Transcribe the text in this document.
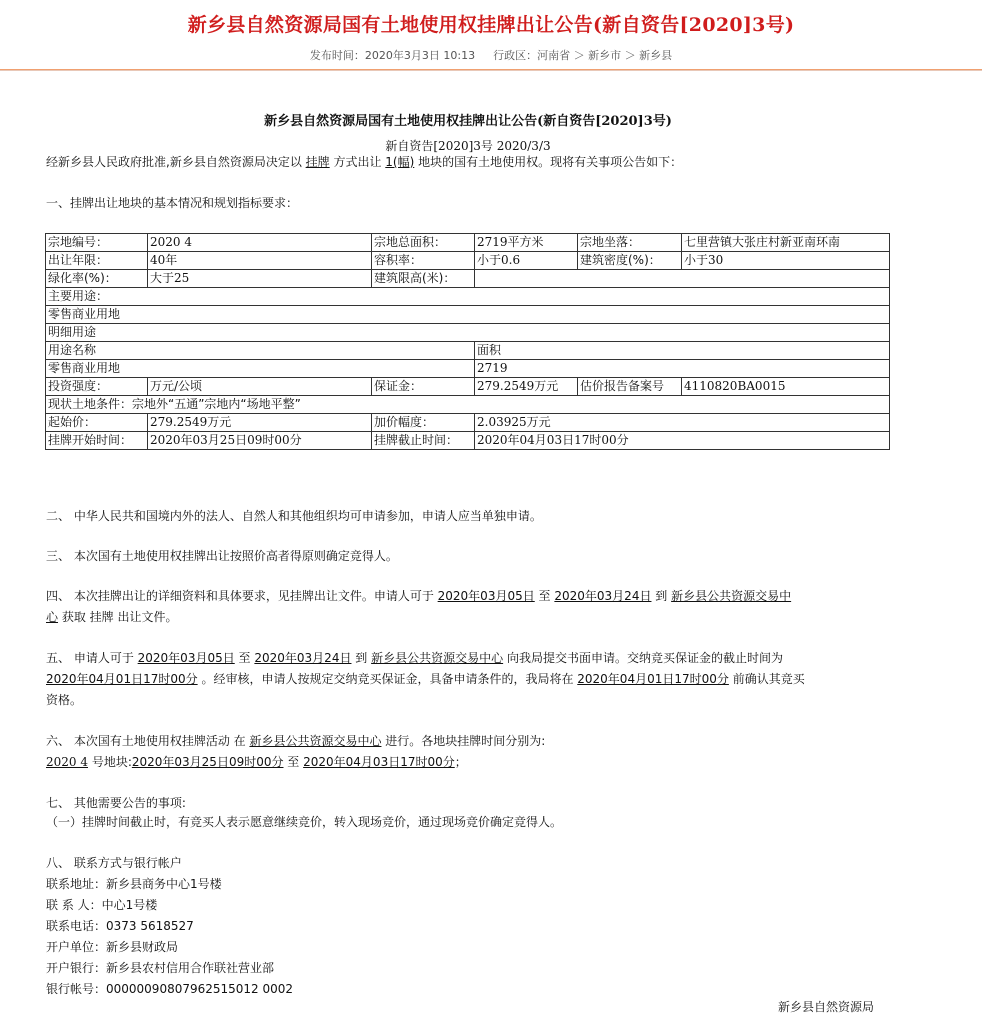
新乡县自然资源局国有土地使用权挂牌出让公告(新自资告[2020]3号)
发布时间：2020年3月3日 10:13 行政区：河南省 ＞ 新乡市 ＞ 新乡县
新乡县自然资源局国有土地使用权挂牌出让公告(新自资告[2020]3号)
新自资告[2020]3号 2020/3/3
经新乡县人民政府批准,新乡县自然资源局决定以 挂牌 方式出让 1(幅) 地块的国有土地使用权。现将有关事项公告如下：
一、挂牌出让地块的基本情况和规划指标要求：
宗地编号：	2020 4	宗地总面积：	2719平方米	宗地坐落：	七里营镇大张庄村新亚南环南
出让年限：	40年	容积率：	小于0.6	建筑密度(%)：	小于30
绿化率(%)：	大于25	建筑限高(米)：			
主要用途：					
零售商业用地					
明细用途					
用途名称			面积		
零售商业用地			2719		
投资强度：	万元/公顷	保证金：	279.2549万元	估价报告备案号	4110820BA0015
现状土地条件：宗地外“五通”宗地内“场地平整”					
起始价：	279.2549万元	加价幅度：	2.03925万元		
挂牌开始时间：	2020年03月25日09时00分	挂牌截止时间：	2020年04月03日17时00分		
二、 中华人民共和国境内外的法人、自然人和其他组织均可申请参加，申请人应当单独申请。
三、 本次国有土地使用权挂牌出让按照价高者得原则确定竞得人。
四、 本次挂牌出让的详细资料和具体要求，见挂牌出让文件。申请人可于 2020年03月05日 至 2020年03月24日 到 新乡县公共资源交易中
心 获取 挂牌 出让文件。
五、 申请人可于 2020年03月05日 至 2020年03月24日 到 新乡县公共资源交易中心 向我局提交书面申请。交纳竞买保证金的截止时间为
2020年04月01日17时00分 。经审核，申请人按规定交纳竞买保证金，具备申请条件的，我局将在 2020年04月01日17时00分 前确认其竞买
资格。
六、 本次国有土地使用权挂牌活动 在 新乡县公共资源交易中心 进行。各地块挂牌时间分别为:
2020 4 号地块:2020年03月25日09时00分 至 2020年04月03日17时00分；
七、 其他需要公告的事项:
（一）挂牌时间截止时，有竞买人表示愿意继续竞价，转入现场竞价，通过现场竞价确定竞得人。
八、 联系方式与银行帐户
联系地址：新乡县商务中心1号楼
联 系 人：中心1号楼
联系电话：0373 5618527
开户单位：新乡县财政局
开户银行：新乡县农村信用合作联社营业部
银行帐号：00000090807962515012 0002
新乡县自然资源局
